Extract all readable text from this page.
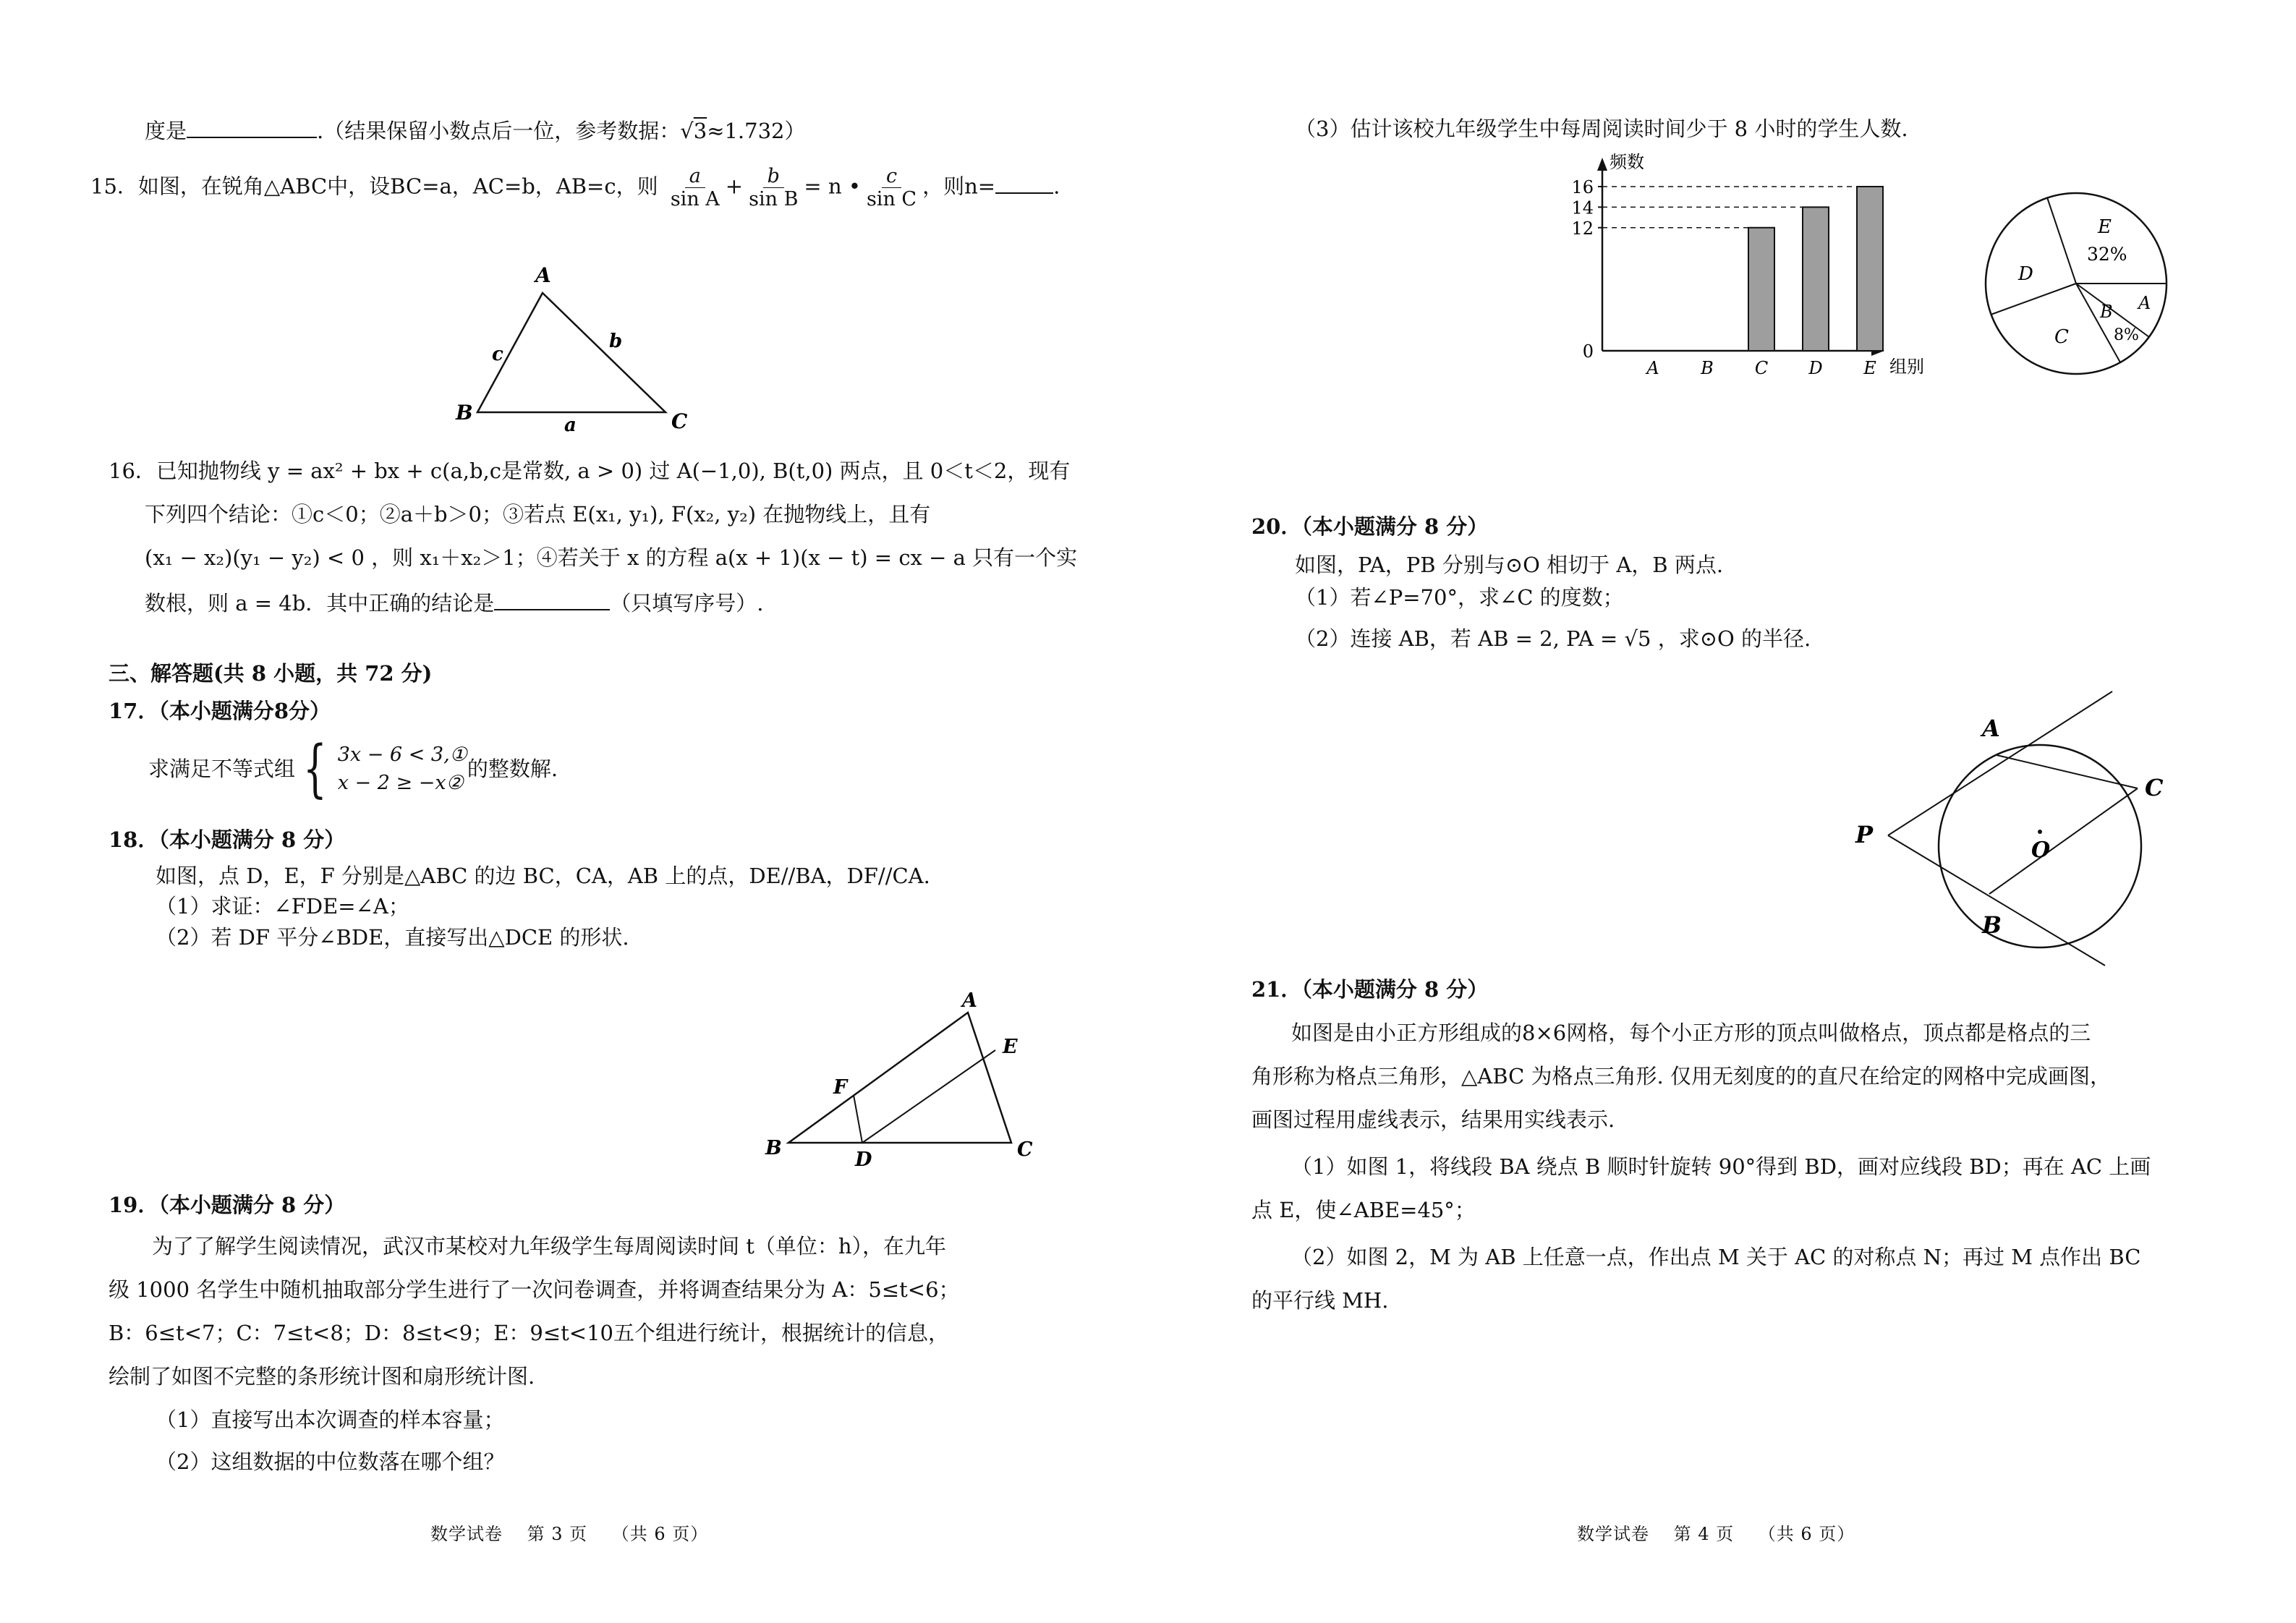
度是	.（结果保留小数点后一位，参考数据：√3≈1.732）
15．如图，在锐角△ABC中，设BC=a，AC=b，AB=c，则 $\frac{a}{\text{sin A}} + \frac{b}{\text{sin B}} = n$ • $\frac{c}{\text{sin C}}$ ，则n=	.
A
B	C
a
b
c
16．已知抛物线 y = ax² + bx + c(a,b,c是常数, a > 0) 过 A(−1,0), B(t,0) 两点，且 0＜t＜2，现有
下列四个结论：①c＜0；②a＋b＞0；③若点 E(x₁, y₁), F(x₂, y₂) 在抛物线上，且有
(x₁ − x₂)(y₁ − y₂) < 0 ，则 x₁＋x₂＞1；④若关于 x 的方程 a(x + 1)(x − t) = cx − a 只有一个实
数根，则 a = 4b．其中正确的结论是	（只填写序号）.
三、解答题(共 8 小题，共 72 分)
17．（本小题满分8分）
求满足不等式组 { 3x − 6 < 3,①
x − 2 ≥ −x②
的整数解.
18．（本小题满分 8 分）
如图，点 D，E，F 分别是△ABC 的边 BC，CA，AB 上的点，DE//BA，DF//CA.
（1）求证：∠FDE=∠A；
（2）若 DF 平分∠BDE，直接写出△DCE 的形状.
A
B	C
D
E
F
19．（本小题满分 8 分）
为了了解学生阅读情况，武汉市某校对九年级学生每周阅读时间 t（单位：h），在九年
级 1000 名学生中随机抽取部分学生进行了一次问卷调查，并将调查结果分为 A：5≤t<6；
B：6≤t<7；C：7≤t<8；D：8≤t<9；E：9≤t<10五个组进行统计，根据统计的信息，
绘制了如图不完整的条形统计图和扇形统计图.
（1）直接写出本次调查的样本容量；
（2）这组数据的中位数落在哪个组？
数学试卷　 第 3 页　 （共 6 页）
（3）估计该校九年级学生中每周阅读时间少于 8 小时的学生人数.
频数
组别
0
12
14
16
A B C D E
E
32%
D
C
B A
8%
20．（本小题满分 8 分）
如图，PA，PB 分别与⊙O 相切于 A，B 两点.
（1）若∠P=70°，求∠C 的度数；
（2）连接 AB，若 AB = 2, PA = √5 ，求⊙O 的半径.
A
B
C
P
O
21．（本小题满分 8 分）
如图是由小正方形组成的8×6网格，每个小正方形的顶点叫做格点，顶点都是格点的三
角形称为格点三角形，△ABC 为格点三角形. 仅用无刻度的的直尺在给定的网格中完成画图，
画图过程用虚线表示，结果用实线表示.
（1）如图 1，将线段 BA 绕点 B 顺时针旋转 90°得到 BD，画对应线段 BD；再在 AC 上画
点 E，使∠ABE=45°；
（2）如图 2，M 为 AB 上任意一点，作出点 M 关于 AC 的对称点 N；再过 M 点作出 BC
的平行线 MH.
数学试卷　 第 4 页　 （共 6 页）
